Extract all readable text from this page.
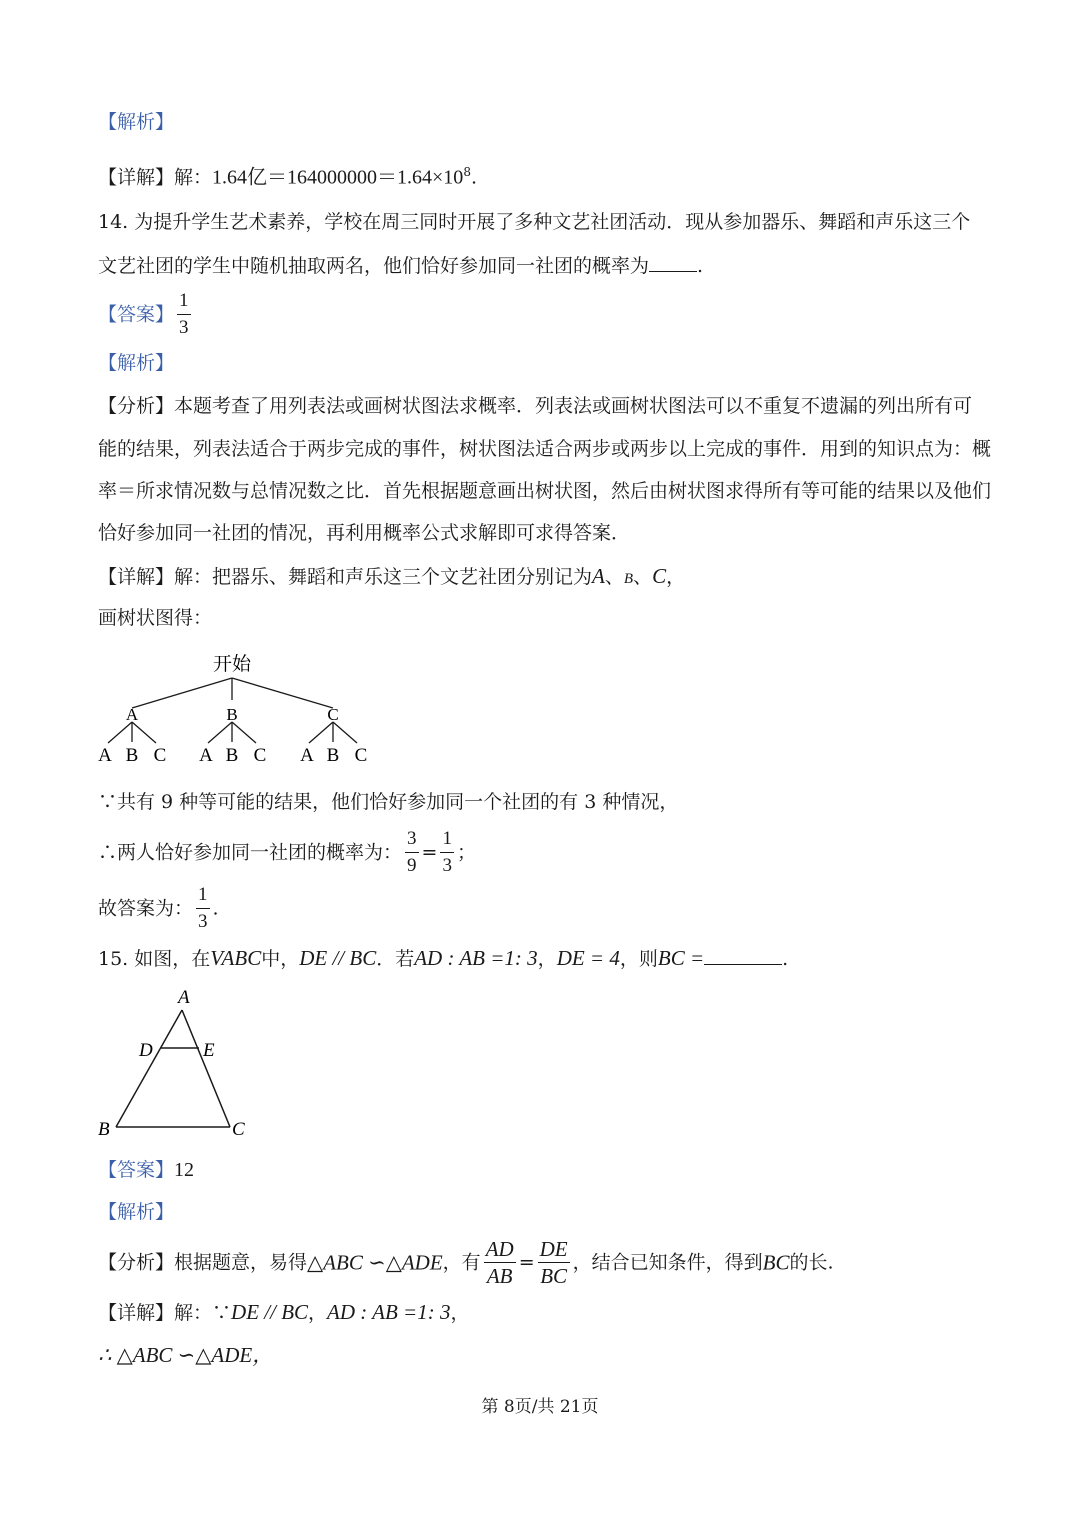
【解析】
【详解】解：1.64亿$=164000000=1.64\times 10^8$.
14. 为提升学生艺术素养，学校在周三同时开展了多种文艺社团活动．现从参加器乐、舞蹈和声乐这三个
文艺社团的学生中随机抽取两名，他们恰好参加同一社团的概率为	.
【答案】 $\frac{1}{3}$
【解析】
【分析】本题考查了用列表法或画树状图法求概率．列表法或画树状图法可以不重复不遗漏的列出所有可
能的结果，列表法适合于两步完成的事件，树状图法适合两步或两步以上完成的事件．用到的知识点为：概
率＝所求情况数与总情况数之比．首先根据题意画出树状图，然后由树状图求得所有等可能的结果以及他们
恰好参加同一社团的情况，再利用概率公式求解即可求得答案．
【详解】解：把器乐、舞蹈和声乐这三个文艺社团分别记为A、B、C，
画树状图得：
开始
A	B	C
A B C A B C A B C
∵共有 9 种等可能的结果，他们恰好参加同一个社团的有 3 种情况，
∴两人恰好参加同一社团的概率为： $\frac{3}{9} = \frac{1}{3}$ ；
故答案为： $\frac{1}{3}$ .
15. 如图，在VABC中，DE // BC．若AD : AB =1: 3，DE = 4，则BC =	.
A
D	E
B	C
【答案】12
【解析】
【分析】根据题意，易得△ABC ∽△ADE，有 $\frac{AD}{AB} = \frac{DE}{BC}$ ，结合已知条件，得到BC的长.
【详解】解：∵DE // BC，AD : AB =1: 3，
∴ △ABC ∽△ADE，
第 8页/共 21页
